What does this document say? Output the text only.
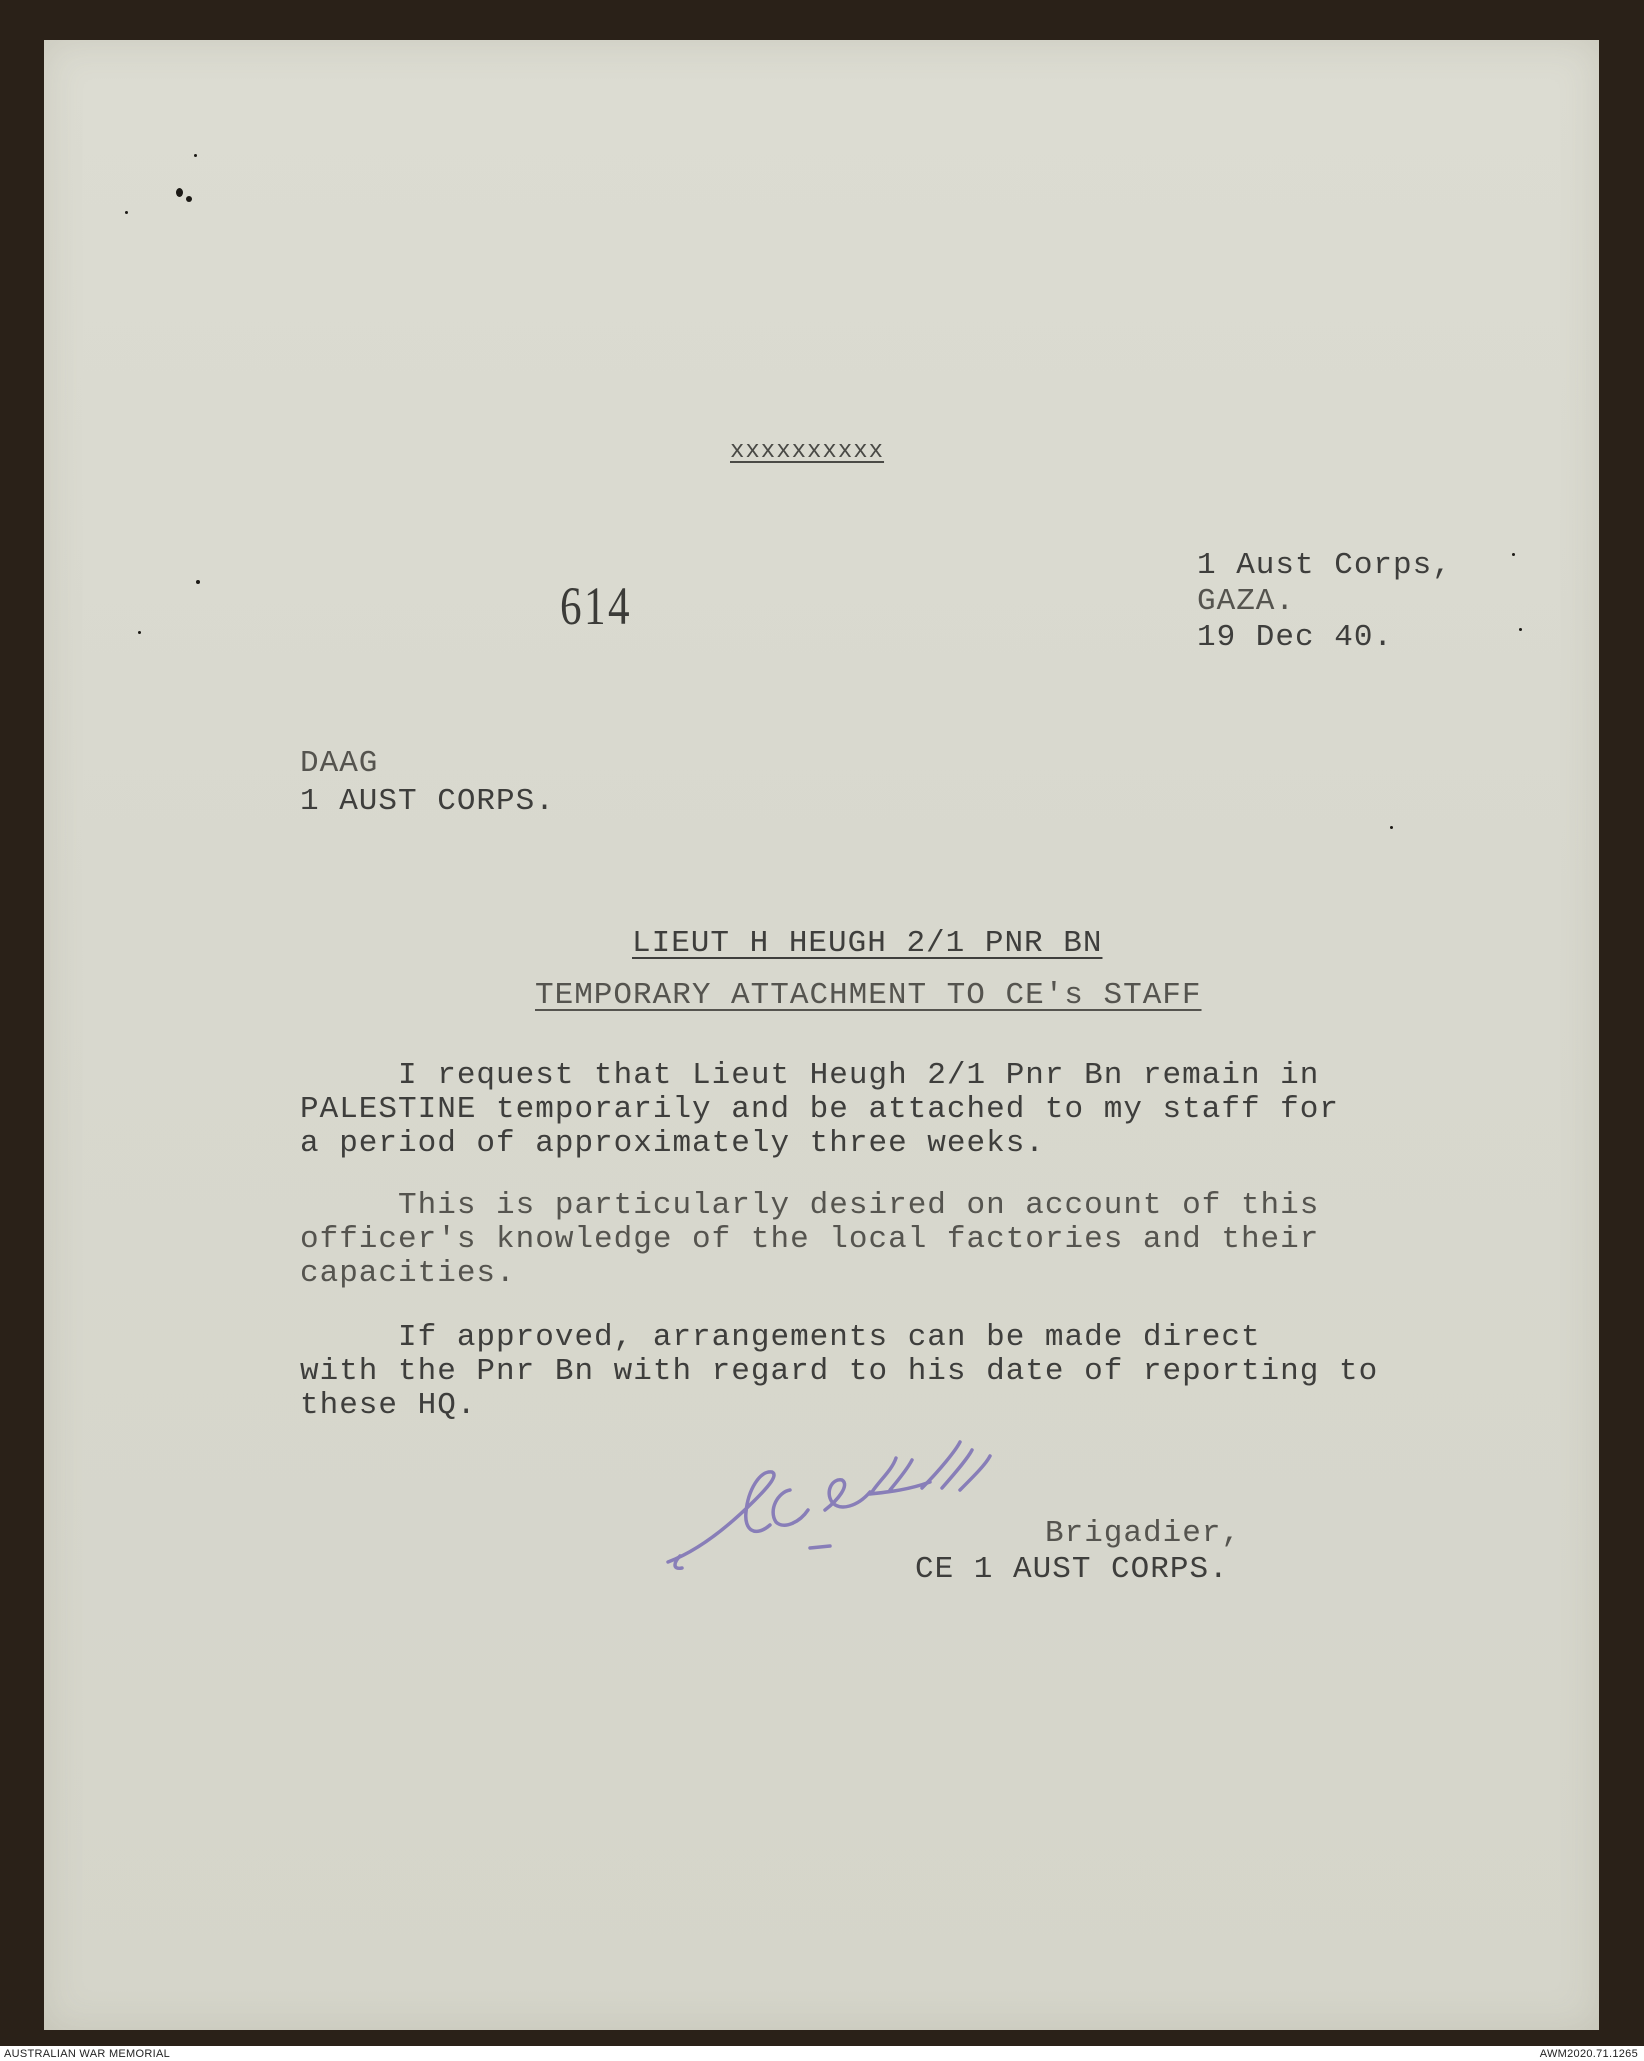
xxxxxxxxxx
614
1 Aust Corps,
GAZA.
19 Dec 40.
DAAG
1 AUST CORPS.
LIEUT H HEUGH 2/1 PNR BN
TEMPORARY ATTACHMENT TO CE's STAFF
I request that Lieut Heugh 2/1 Pnr Bn remain in
PALESTINE temporarily and be attached to my staff for
a period of approximately three weeks.
This is particularly desired on account of this
officer's knowledge of the local factories and their
capacities.
If approved, arrangements can be made direct
with the Pnr Bn with regard to his date of reporting to
these HQ.
Brigadier,
CE 1 AUST CORPS.
AUSTRALIAN WAR MEMORIAL	AWM2020.71.1265
